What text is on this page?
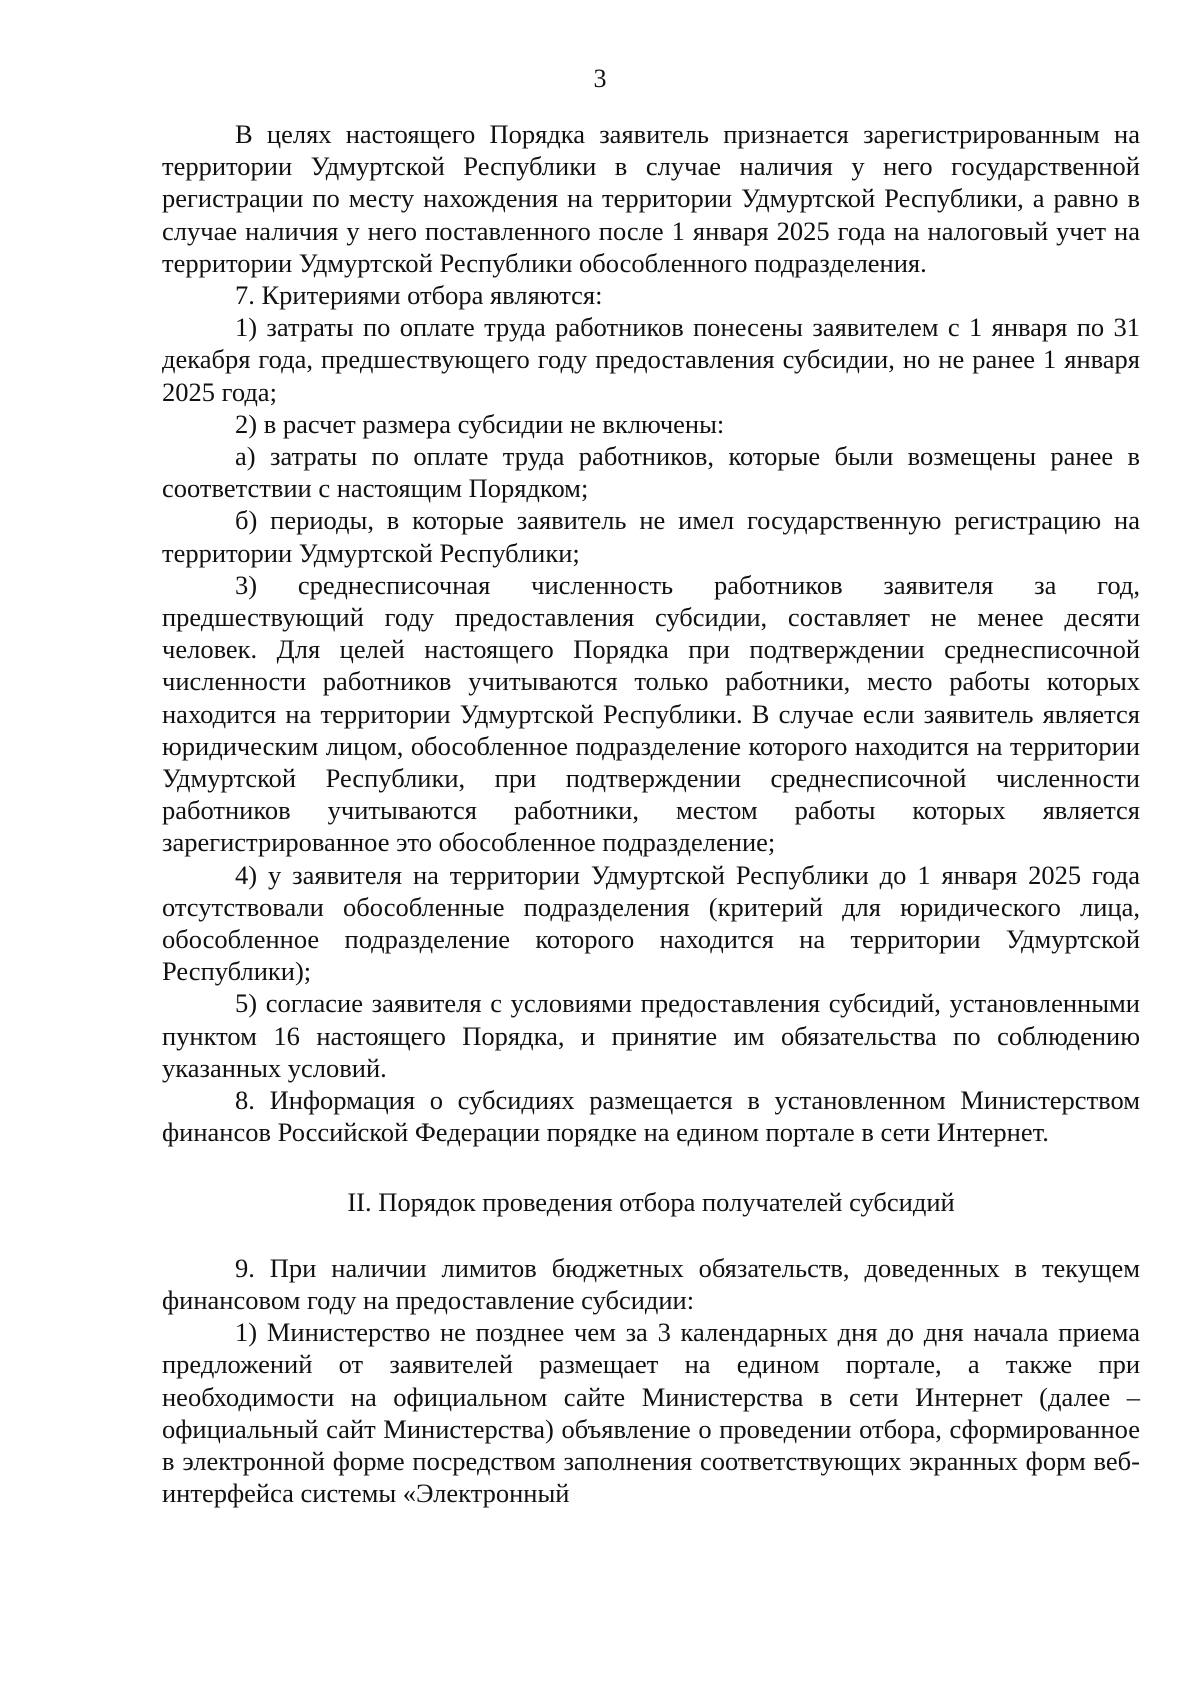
3

В целях настоящего Порядка заявитель признается зарегистрированным на территории Удмуртской Республики в случае наличия у него государственной регистрации по месту нахождения на территории Удмуртской Республики, а равно в случае наличия у него поставленного после 1 января 2025 года на налоговый учет на территории Удмуртской Республики обособленного подразделения.

7. Критериями отбора являются:

1) затраты по оплате труда работников понесены заявителем с 1 января по 31 декабря года, предшествующего году предоставления субсидии, но не ранее 1 января 2025 года;

2) в расчет размера субсидии не включены:

а) затраты по оплате труда работников, которые были возмещены ранее в соответствии с настоящим Порядком;

б) периоды, в которые заявитель не имел государственную регистрацию на территории Удмуртской Республики;

3) среднесписочная численность работников заявителя за год, предшествующий году предоставления субсидии, составляет не менее десяти человек. Для целей настоящего Порядка при подтверждении среднесписочной численности работников учитываются только работники, место работы которых находится на территории Удмуртской Республики. В случае если заявитель является юридическим лицом, обособленное подразделение которого находится на территории Удмуртской Республики, при подтверждении среднесписочной численности работников учитываются работники, местом работы которых является зарегистрированное это обособленное подразделение;

4) у заявителя на территории Удмуртской Республики до 1 января 2025 года отсутствовали обособленные подразделения (критерий для юридического лица, обособленное подразделение которого находится на территории Удмуртской Республики);

5) согласие заявителя с условиями предоставления субсидий, установленными пунктом 16 настоящего Порядка, и принятие им обязательства по соблюдению указанных условий.

8. Информация о субсидиях размещается в установленном Министерством финансов Российской Федерации порядке на едином портале в сети Интернет.

II. Порядок проведения отбора получателей субсидий

9. При наличии лимитов бюджетных обязательств, доведенных в текущем финансовом году на предоставление субсидии:

1) Министерство не позднее чем за 3 календарных дня до дня начала приема предложений от заявителей размещает на едином портале, а также при необходимости на официальном сайте Министерства в сети Интернет (далее – официальный сайт Министерства) объявление о проведении отбора, сформированное в электронной форме посредством заполнения соответствующих экранных форм веб-интерфейса системы «Электронный
